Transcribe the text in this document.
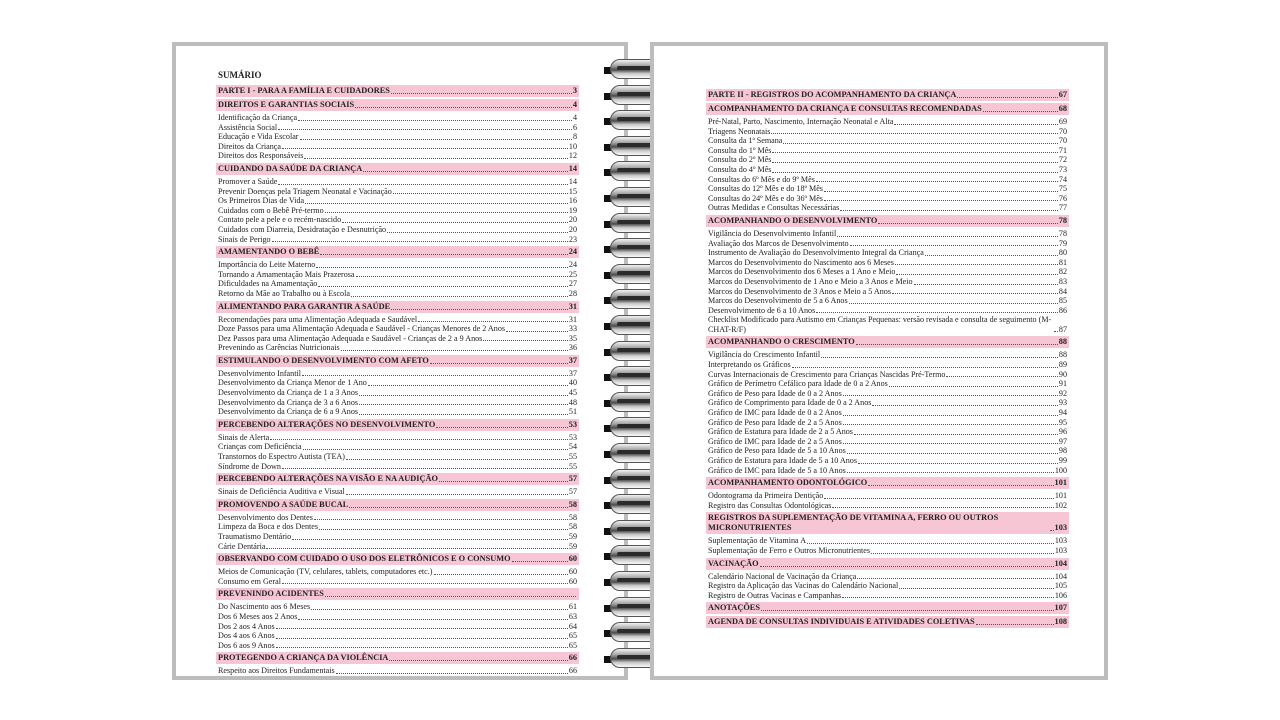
SUMÁRIO
PARTE I - PARA A FAMÍLIA E CUIDADORES	3
DIREITOS E GARANTIAS SOCIAIS	4
Identificação da Criança	4
Assistência Social	6
Educação e Vida Escolar	8
Direitos da Criança	10
Direitos dos Responsáveis	12
CUIDANDO DA SAÚDE DA CRIANÇA	14
Promover a Saúde	14
Prevenir Doenças pela Triagem Neonatal e Vacinação	15
Os Primeiros Dias de Vida	16
Cuidados com o Bebê Pré-termo	19
Contato pele a pele e o recém-nascido	20
Cuidados com Diarreia, Desidratação e Desnutrição	20
Sinais de Perigo	23
AMAMENTANDO O BEBÊ	24
Importância do Leite Materno	24
Tornando a Amamentação Mais Prazerosa	25
Dificuldades na Amamentação	27
Retorno da Mãe ao Trabalho ou à Escola	28
ALIMENTANDO PARA GARANTIR A SAÚDE	31
Recomendações para uma Alimentação Adequada e Saudável	31
Doze Passos para uma Alimentação Adequada e Saudável - Crianças Menores de 2 Anos	33
Dez Passos para uma Alimentação Adequada e Saudável - Crianças de 2 a 9 Anos	35
Prevenindo as Carências Nutricionais	36
ESTIMULANDO O DESENVOLVIMENTO COM AFETO	37
Desenvolvimento Infantil	37
Desenvolvimento da Criança Menor de 1 Ano	40
Desenvolvimento da Criança de 1 a 3 Anos	45
Desenvolvimento da Criança de 3 a 6 Anos	48
Desenvolvimento da Criança de 6 a 9 Anos	51
PERCEBENDO ALTERAÇÕES NO DESENVOLVIMENTO	53
Sinais de Alerta	53
Crianças com Deficiência	54
Transtornos do Espectro Autista (TEA)	55
Síndrome de Down	55
PERCEBENDO ALTERAÇÕES NA VISÃO E NA AUDIÇÃO	57
Sinais de Deficiência Auditiva e Visual	57
PROMOVENDO A SAÚDE BUCAL	58
Desenvolvimento dos Dentes	58
Limpeza da Boca e dos Dentes	58
Traumatismo Dentário	59
Cárie Dentária	59
OBSERVANDO COM CUIDADO O USO DOS ELETRÔNICOS E O CONSUMO	60
Meios de Comunicação (TV, celulares, tablets, computadores etc.)	60
Consumo em Geral	60
PREVENINDO ACIDENTES
Do Nascimento aos 6 Meses	61
Dos 6 Meses aos 2 Anos	63
Dos 2 aos 4 Anos	64
Dos 4 aos 6 Anos	65
Dos 6 aos 9 Anos	65
PROTEGENDO A CRIANÇA DA VIOLÊNCIA	66
Respeito aos Direitos Fundamentais	66
PARTE II - REGISTROS DO ACOMPANHAMENTO DA CRIANÇA	67
ACOMPANHAMENTO DA CRIANÇA E CONSULTAS RECOMENDADAS	68
Pré-Natal, Parto, Nascimento, Internação Neonatal e Alta	69
Triagens Neonatais	70
Consulta da 1ª Semana	70
Consulta do 1º Mês	71
Consulta do 2º Mês	72
Consulta do 4º Mês	73
Consultas do 6º Mês e do 9º Mês	74
Consultas do 12º Mês e do 18º Mês	75
Consultas do 24º Mês e do 36º Mês	76
Outras Medidas e Consultas Necessárias	77
ACOMPANHANDO O DESENVOLVIMENTO	78
Vigilância do Desenvolvimento Infantil	78
Avaliação dos Marcos de Desenvolvimento	79
Instrumento de Avaliação do Desenvolvimento Integral da Criança	80
Marcos do Desenvolvimento do Nascimento aos 6 Meses	81
Marcos do Desenvolvimento dos 6 Meses a 1 Ano e Meio	82
Marcos do Desenvolvimento de 1 Ano e Meio a 3 Anos e Meio	83
Marcos do Desenvolvimento de 3 Anos e Meio a 5 Anos	84
Marcos do Desenvolvimento de 5 a 6 Anos	85
Desenvolvimento de 6 a 10 Anos	86
Checklist Modificado para Autismo em Crianças Pequenas: versão revisada e consulta de seguimento (M-CHAT-R/F)	87
ACOMPANHANDO O CRESCIMENTO	88
Vigilância do Crescimento Infantil	88
Interpretando os Gráficos	89
Curvas Internacionais de Crescimento para Crianças Nascidas Pré-Termo	90
Gráfico de Perímetro Cefálico para Idade de 0 a 2 Anos	91
Gráfico de Peso para Idade de 0 a 2 Anos	92
Gráfico de Comprimento para Idade de 0 a 2 Anos	93
Gráfico de IMC para Idade de 0 a 2 Anos	94
Gráfico de Peso para Idade de 2 a 5 Anos	95
Gráfico de Estatura para Idade de 2 a 5 Anos	96
Gráfico de IMC para Idade de 2 a 5 Anos	97
Gráfico de Peso para Idade de 5 a 10 Anos	98
Gráfico de Estatura para Idade de 5 a 10 Anos	99
Gráfico de IMC para Idade de 5 a 10 Anos	100
ACOMPANHAMENTO ODONTOLÓGICO	101
Odontograma da Primeira Dentição	101
Registro das Consultas Odontológicas	102
REGISTROS DA SUPLEMENTAÇÃO DE VITAMINA A, FERRO OU OUTROS MICRONUTRIENTES	103
Suplementação de Vitamina A	103
Suplementação de Ferro e Outros Micronutrientes	103
VACINAÇÃO	104
Calendário Nacional de Vacinação da Criança	104
Registro da Aplicação das Vacinas do Calendário Nacional	105
Registro de Outras Vacinas e Campanhas	106
ANOTAÇÕES	107
AGENDA DE CONSULTAS INDIVIDUAIS E ATIVIDADES COLETIVAS	108
